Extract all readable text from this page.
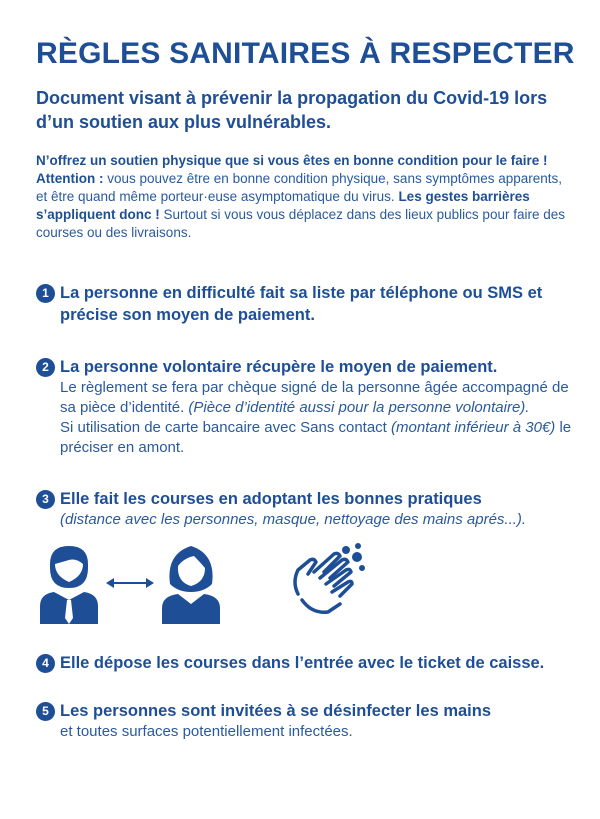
RÈGLES SANITAIRES À RESPECTER

Document visant à prévenir la propagation du Covid-19 lors d’un soutien aux plus vulnérables.

N’offrez un soutien physique que si vous êtes en bonne condition pour le faire ! Attention : vous pouvez être en bonne condition physique, sans symptômes apparents, et être quand même porteur·euse asymptomatique du virus. Les gestes barrières s’appliquent donc ! Surtout si vous vous déplacez dans des lieux publics pour faire des courses ou des livraisons.

1 La personne en difficulté fait sa liste par téléphone ou SMS et précise son moyen de paiement.

2 La personne volontaire récupère le moyen de paiement.

Le règlement se fera par chèque signé de la personne âgée accompagné de sa pièce d’identité. (Pièce d’identité aussi pour la personne volontaire).

Si utilisation de carte bancaire avec Sans contact (montant inférieur à 30€) le préciser en amont.

3 Elle fait les courses en adoptant les bonnes pratiques

(distance avec les personnes, masque, nettoyage des mains aprés...).

4 Elle dépose les courses dans l’entrée avec le ticket de caisse.

5 Les personnes sont invitées à se désinfecter les mains

et toutes surfaces potentiellement infectées.
